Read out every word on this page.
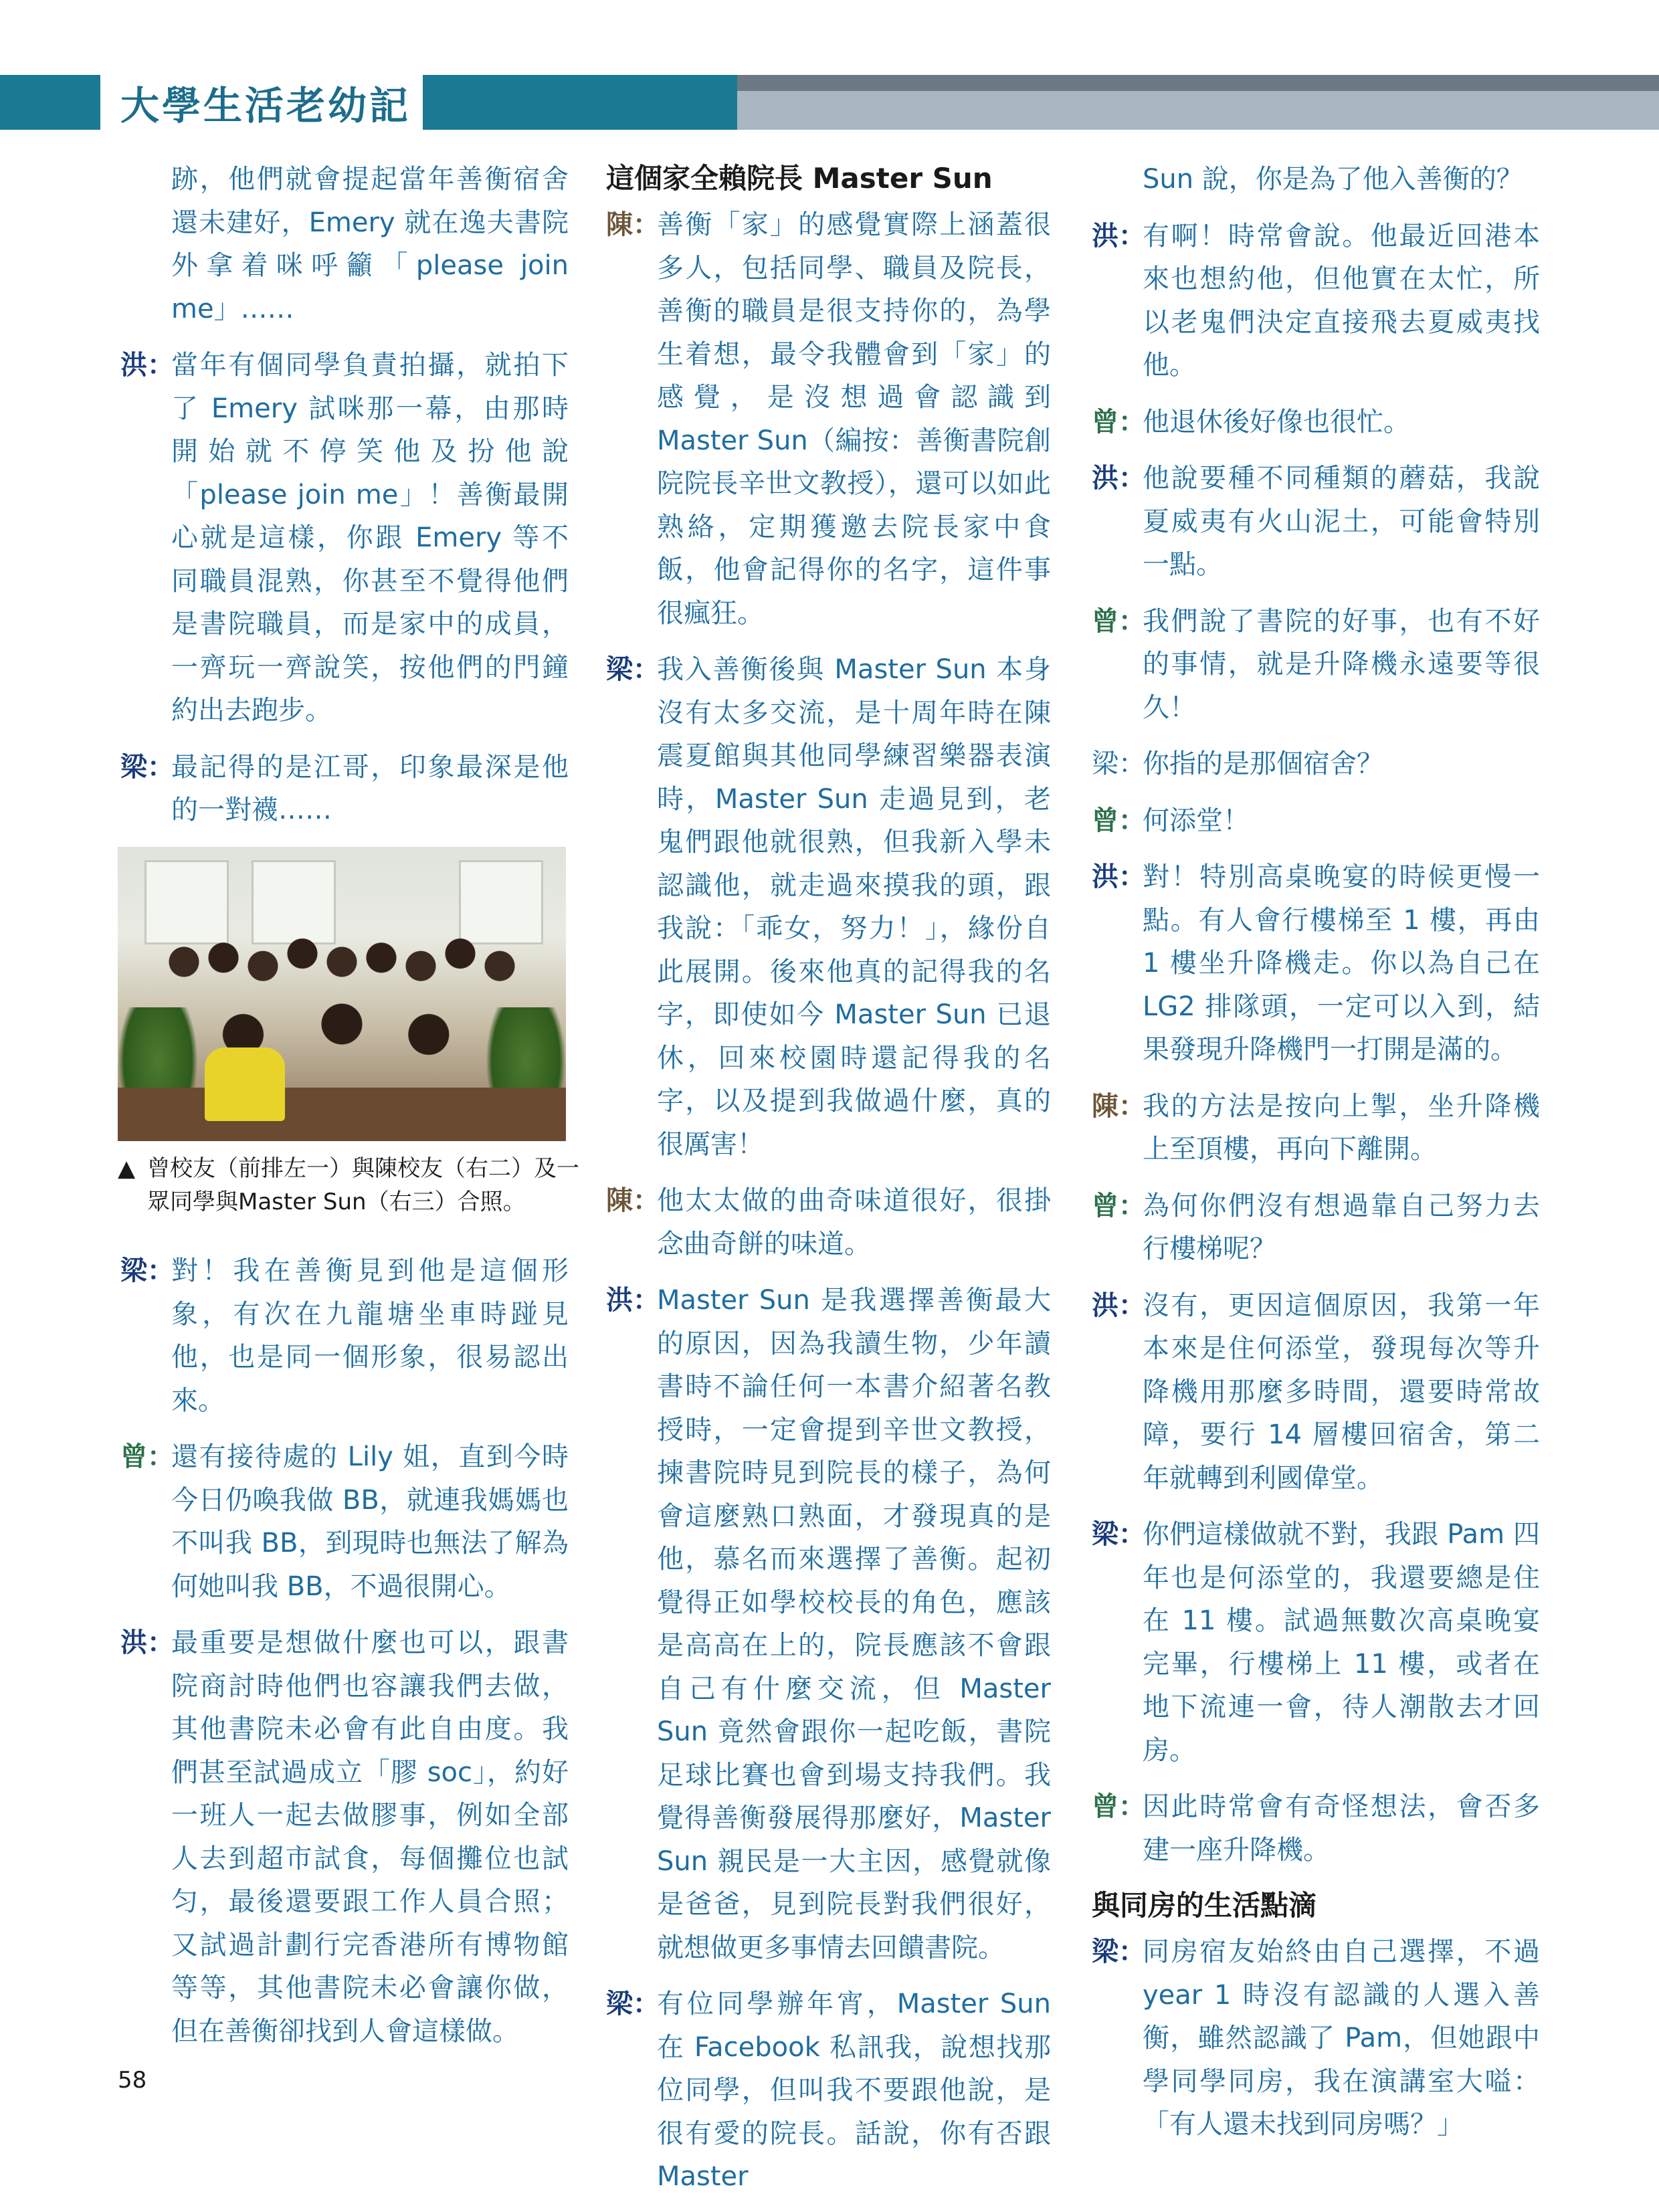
大學生活老幼記
跡，他們就會提起當年善衡宿舍還未建好，Emery 就在逸夫書院外拿着咪呼籲「please join me」……
洪：
當年有個同學負責拍攝，就拍下了 Emery 試咪那一幕，由那時開始就不停笑他及扮他說「please join me」！善衡最開心就是這樣，你跟 Emery 等不同職員混熟，你甚至不覺得他們是書院職員，而是家中的成員，一齊玩一齊說笑，按他們的門鐘約出去跑步。
梁：
最記得的是江哥，印象最深是他的一對襪……
▲ 曾校友（前排左一）與陳校友（右二）及一眾同學與Master Sun（右三）合照。
梁：
對！我在善衡見到他是這個形象，有次在九龍塘坐車時踫見他，也是同一個形象，很易認出來。
曾：
還有接待處的 Lily 姐，直到今時今日仍喚我做 BB，就連我媽媽也不叫我 BB，到現時也無法了解為何她叫我 BB，不過很開心。
洪：
最重要是想做什麼也可以，跟書院商討時他們也容讓我們去做，其他書院未必會有此自由度。我們甚至試過成立「膠 soc」，約好一班人一起去做膠事，例如全部人去到超市試食，每個攤位也試匀，最後還要跟工作人員合照；又試過計劃行完香港所有博物館等等，其他書院未必會讓你做，但在善衡卻找到人會這樣做。
這個家全賴院長 Master Sun
陳：
善衡「家」的感覺實際上涵蓋很多人，包括同學、職員及院長，善衡的職員是很支持你的，為學生着想，最令我體會到「家」的感覺，是沒想過會認識到 Master Sun（編按：善衡書院創院院長辛世文教授），還可以如此熟絡，定期獲邀去院長家中食飯，他會記得你的名字，這件事很瘋狂。
梁：
我入善衡後與 Master Sun 本身沒有太多交流，是十周年時在陳震夏館與其他同學練習樂器表演時，Master Sun 走過見到，老鬼們跟他就很熟，但我新入學未認識他，就走過來摸我的頭，跟我說：「乖女，努力！」，緣份自此展開。後來他真的記得我的名字，即使如今 Master Sun 已退休，回來校園時還記得我的名字，以及提到我做過什麼，真的很厲害！
陳：
他太太做的曲奇味道很好，很掛念曲奇餅的味道。
洪：
Master Sun 是我選擇善衡最大的原因，因為我讀生物，少年讀書時不論任何一本書介紹著名教授時，一定會提到辛世文教授，揀書院時見到院長的樣子，為何會這麼熟口熟面，才發現真的是他，慕名而來選擇了善衡。起初覺得正如學校校長的角色，應該是高高在上的，院長應該不會跟自己有什麼交流，但 Master Sun 竟然會跟你一起吃飯，書院足球比賽也會到場支持我們。我覺得善衡發展得那麼好，Master Sun 親民是一大主因，感覺就像是爸爸，見到院長對我們很好，就想做更多事情去回饋書院。
梁：
有位同學辦年宵，Master Sun 在 Facebook 私訊我，說想找那位同學，但叫我不要跟他說，是很有愛的院長。話說，你有否跟 Master
Sun 說，你是為了他入善衡的？
洪：
有啊！時常會說。他最近回港本來也想約他，但他實在太忙，所以老鬼們決定直接飛去夏威夷找他。
曾：
他退休後好像也很忙。
洪：
他說要種不同種類的蘑菇，我說夏威夷有火山泥土，可能會特別一點。
曾：
我們說了書院的好事，也有不好的事情，就是升降機永遠要等很久！
梁：
你指的是那個宿舍？
曾：
何添堂！
洪：
對！特別高桌晚宴的時候更慢一點。有人會行樓梯至 1 樓，再由 1 樓坐升降機走。你以為自己在 LG2 排隊頭，一定可以入到，結果發現升降機門一打開是滿的。
陳：
我的方法是按向上掣，坐升降機上至頂樓，再向下離開。
曾：
為何你們沒有想過靠自己努力去行樓梯呢？
洪：
沒有，更因這個原因，我第一年本來是住何添堂，發現每次等升降機用那麼多時間，還要時常故障，要行 14 層樓回宿舍，第二年就轉到利國偉堂。
梁：
你們這樣做就不對，我跟 Pam 四年也是何添堂的，我還要總是住在 11 樓。試過無數次高桌晚宴完畢，行樓梯上 11 樓，或者在地下流連一會，待人潮散去才回房。
曾：
因此時常會有奇怪想法，會否多建一座升降機。
與同房的生活點滴
梁：
同房宿友始終由自己選擇，不過 year 1 時沒有認識的人選入善衡，雖然認識了 Pam，但她跟中學同學同房，我在演講室大嗌：「有人還未找到同房嗎？」
58
